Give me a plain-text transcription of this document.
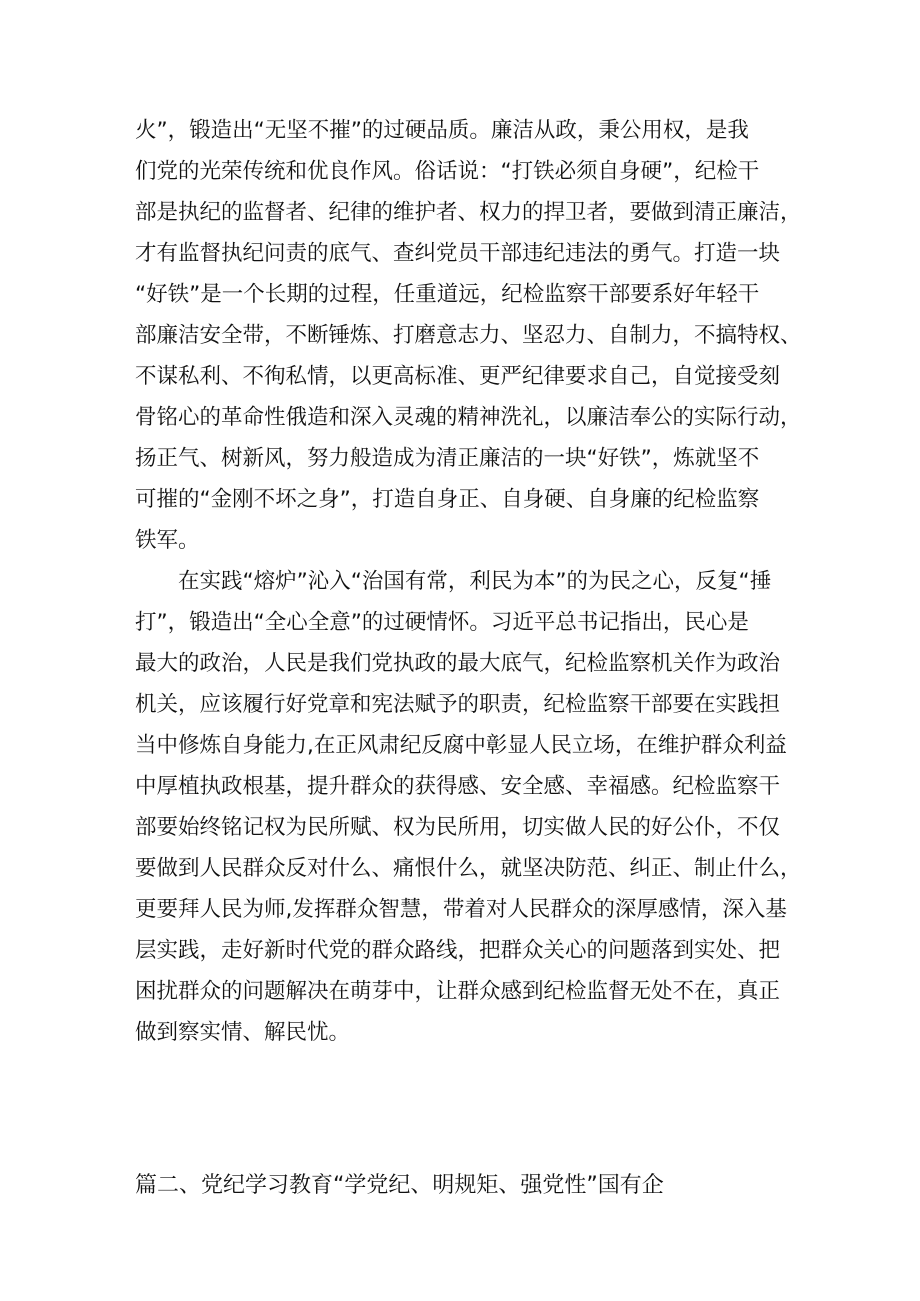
火”，锻造出“无坚不摧”的过硬品质。廉洁从政，秉公用权，是我
们党的光荣传统和优良作风。俗话说：“打铁必须自身硬”，纪检干
部是执纪的监督者、纪律的维护者、权力的捍卫者，要做到清正廉洁，
才有监督执纪问责的底气、查纠党员干部违纪违法的勇气。打造一块
“好铁”是一个长期的过程，任重道远，纪检监察干部要系好年轻干
部廉洁安全带，不断锤炼、打磨意志力、坚忍力、自制力，不搞特权、
不谋私利、不徇私情，以更高标准、更严纪律要求自己，自觉接受刻
骨铭心的革命性俄造和深入灵魂的精神洗礼，以廉洁奉公的实际行动，
扬正气、树新风，努力般造成为清正廉洁的一块“好铁”，炼就坚不
可摧的“金刚不坏之身”，打造自身正、自身硬、自身廉的纪检监察
铁军。
　　在实践“熔炉”沁入“治国有常，利民为本”的为民之心，反复“捶
打”，锻造出“全心全意”的过硬情怀。习近平总书记指出，民心是
最大的政治，人民是我们党执政的最大底气，纪检监察机关作为政治
机关，应该履行好党章和宪法赋予的职责，纪检监察干部要在实践担
当中修炼自身能力,在正风肃纪反腐中彰显人民立场，在维护群众利益
中厚植执政根基，提升群众的获得感、安全感、幸福感。纪检监察干
部要始终铭记权为民所赋、权为民所用，切实做人民的好公仆，不仅
要做到人民群众反对什么、痛恨什么，就坚决防范、纠正、制止什么，
更要拜人民为师,发挥群众智慧，带着对人民群众的深厚感情，深入基
层实践，走好新时代党的群众路线，把群众关心的问题落到实处、把
困扰群众的问题解决在萌芽中，让群众感到纪检监督无处不在，真正
做到察实情、解民忧。
篇二、党纪学习教育“学党纪、明规矩、强党性”国有企
